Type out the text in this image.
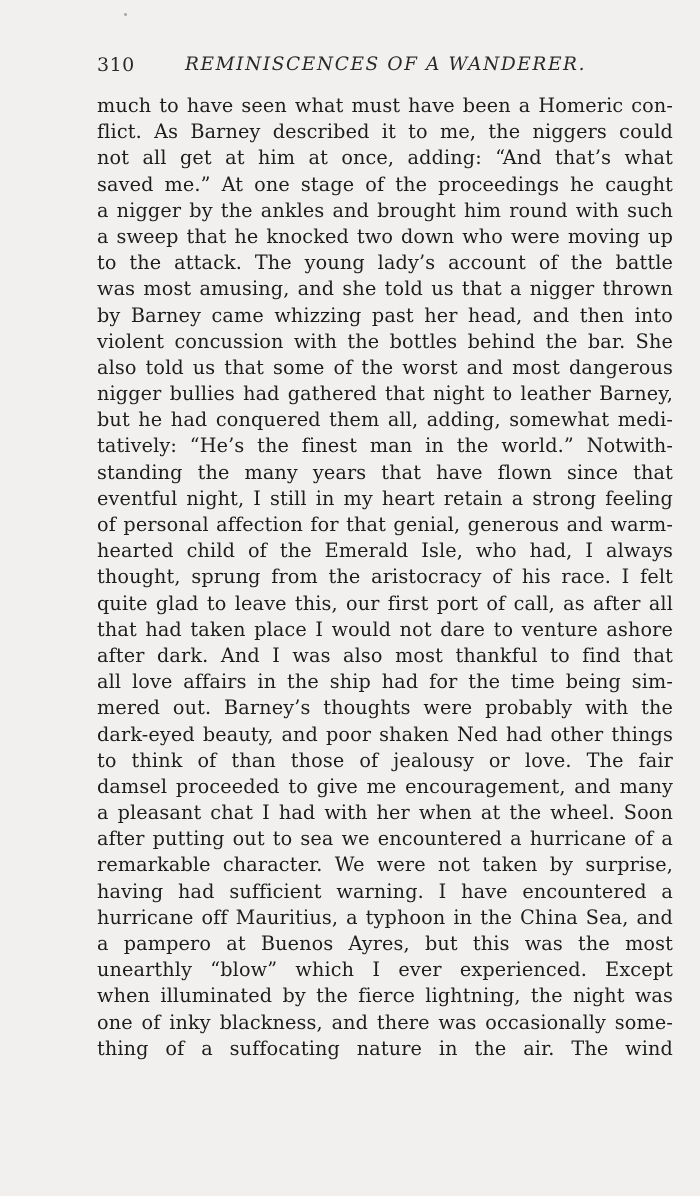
310	REMINISCENCES OF A WANDERER.
much to have seen what must have been a Homeric con-
flict. As Barney described it to me, the niggers could
not all get at him at once, adding: “And that’s what
saved me.” At one stage of the proceedings he caught
a nigger by the ankles and brought him round with such
a sweep that he knocked two down who were moving up
to the attack. The young lady’s account of the battle
was most amusing, and she told us that a nigger thrown
by Barney came whizzing past her head, and then into
violent concussion with the bottles behind the bar. She
also told us that some of the worst and most dangerous
nigger bullies had gathered that night to leather Barney,
but he had conquered them all, adding, somewhat medi-
tatively: “He’s the finest man in the world.” Notwith-
standing the many years that have flown since that
eventful night, I still in my heart retain a strong feeling
of personal affection for that genial, generous and warm-
hearted child of the Emerald Isle, who had, I always
thought, sprung from the aristocracy of his race. I felt
quite glad to leave this, our first port of call, as after all
that had taken place I would not dare to venture ashore
after dark. And I was also most thankful to find that
all love affairs in the ship had for the time being sim-
mered out. Barney’s thoughts were probably with the
dark-eyed beauty, and poor shaken Ned had other things
to think of than those of jealousy or love. The fair
damsel proceeded to give me encouragement, and many
a pleasant chat I had with her when at the wheel. Soon
after putting out to sea we encountered a hurricane of a
remarkable character. We were not taken by surprise,
having had sufficient warning. I have encountered a
hurricane off Mauritius, a typhoon in the China Sea, and
a pampero at Buenos Ayres, but this was the most
unearthly “blow” which I ever experienced. Except
when illuminated by the fierce lightning, the night was
one of inky blackness, and there was occasionally some-
thing of a suffocating nature in the air. The wind
